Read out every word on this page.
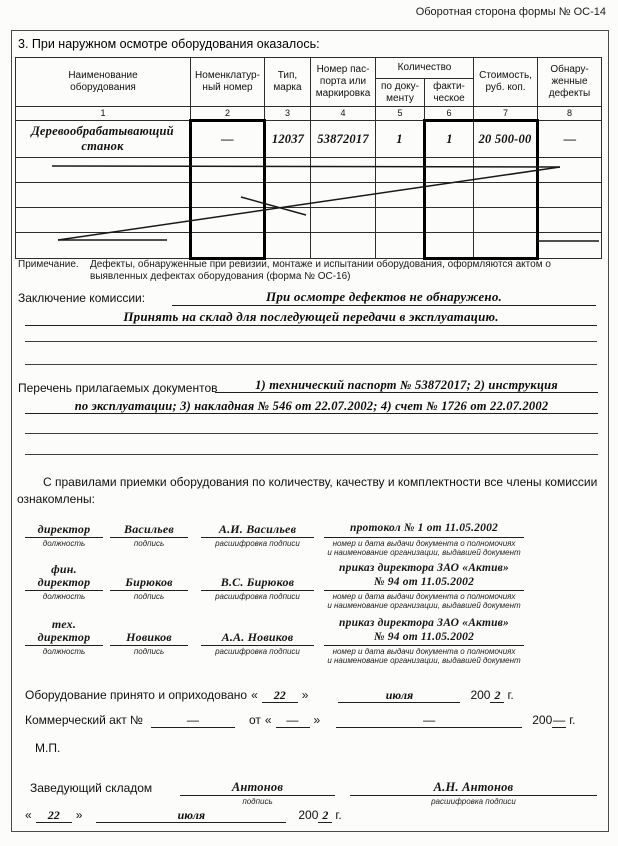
Оборотная сторона формы № ОС-14
3. При наружном осмотре оборудования оказалось:
Наименование оборудования	Номенклатур-ный номер	Тип, марка	Номер пас-порта или маркировка	Количество		Стоимость, руб. коп.	Обнару-женные дефекты
				по доку-менту	факти-ческое		
1	2	3	4	5	6	7	8
Деревообрабатывающий станок	—	12037	53872017	1	1	20 500-00	—

Примечание.	Дефекты, обнаруженные при ревизии, монтаже и испытании оборудования, оформляются актом о выявленных дефектах оборудования (форма № ОС-16)
Заключение комиссии:	При осмотре дефектов не обнаружено.
Принять на склад для последующей передачи в эксплуатацию.
Перечень прилагаемых документов	1) технический паспорт № 53872017; 2) инструкция
по эксплуатации; 3) накладная № 546 от 22.07.2002; 4) счет № 1726 от 22.07.2002
С правилами приемки оборудования по количеству, качеству и комплектности все члены комиссии ознакомлены:
директор	Васильев	А.И. Васильев	протокол № 1 от 11.05.2002
должность	подпись	расшифровка подписи	номер и дата выдачи документа о полномочиях
и наименование организации, выдавшей документ
фин. директор	Бирюков	В.С. Бирюков
приказ директора ЗАО «Актив»
№ 94 от 11.05.2002
должность	подпись	расшифровка подписи	номер и дата выдачи документа о полномочиях
и наименование организации, выдавшей документ
тех. директор	Новиков	А.А. Новиков
приказ директора ЗАО «Актив»
№ 94 от 11.05.2002
должность	подпись	расшифровка подписи	номер и дата выдачи документа о полномочиях
и наименование организации, выдавшей документ
Оборудование принято и оприходовано «	22	»	июля	200 2 г.
Коммерческий акт №	—	от «	—	»	—	200 — г.
М.П.
Заведующий складом	Антонов
подпись
А.Н. Антонов
расшифровка подписи
«	22	»	июля	200 2 г.
